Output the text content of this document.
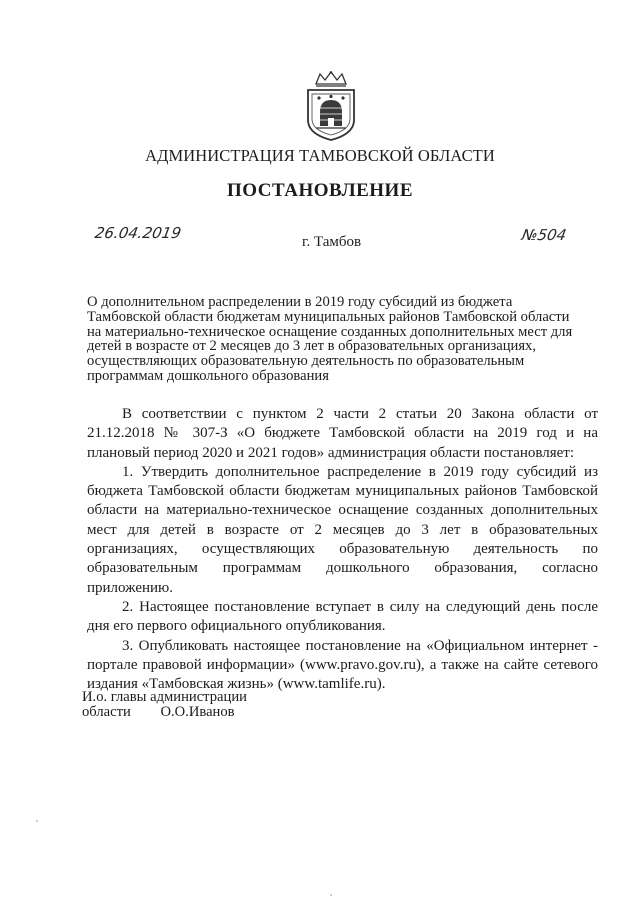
АДМИНИСТРАЦИЯ ТАМБОВСКОЙ ОБЛАСТИ
ПОСТАНОВЛЕНИЕ
26.04.2019	г. Тамбов	№504
О дополнительном распределении в 2019 году субсидий из бюджета
Тамбовской области бюджетам муниципальных районов Тамбовской области
на материально-техническое оснащение созданных дополнительных мест для
детей в возрасте от 2 месяцев до 3 лет в образовательных организациях,
осуществляющих образовательную деятельность по образовательным
программам дошкольного образования

В соответствии с пунктом 2 части 2 статьи 20 Закона области от 21.12.2018 № 307-З «О бюджете Тамбовской области на 2019 год и на плановый период 2020 и 2021 годов» администрация области постановляет:

1. Утвердить дополнительное распределение в 2019 году субсидий из бюджета Тамбовской области бюджетам муниципальных районов Тамбовской области на материально-техническое оснащение созданных дополнительных мест для детей в возрасте от 2 месяцев до 3 лет в образовательных организациях, осуществляющих образовательную деятельность по образовательным программам дошкольного образования, согласно приложению.

2. Настоящее постановление вступает в силу на следующий день после дня его первого официального опубликования.

3. Опубликовать настоящее постановление на «Официальном интернет - портале правовой информации» (www.pravo.gov.ru), а также на сайте сетевого издания «Тамбовская жизнь» (www.tamlife.ru).

И.о. главы администрации
области О.О.Иванов
